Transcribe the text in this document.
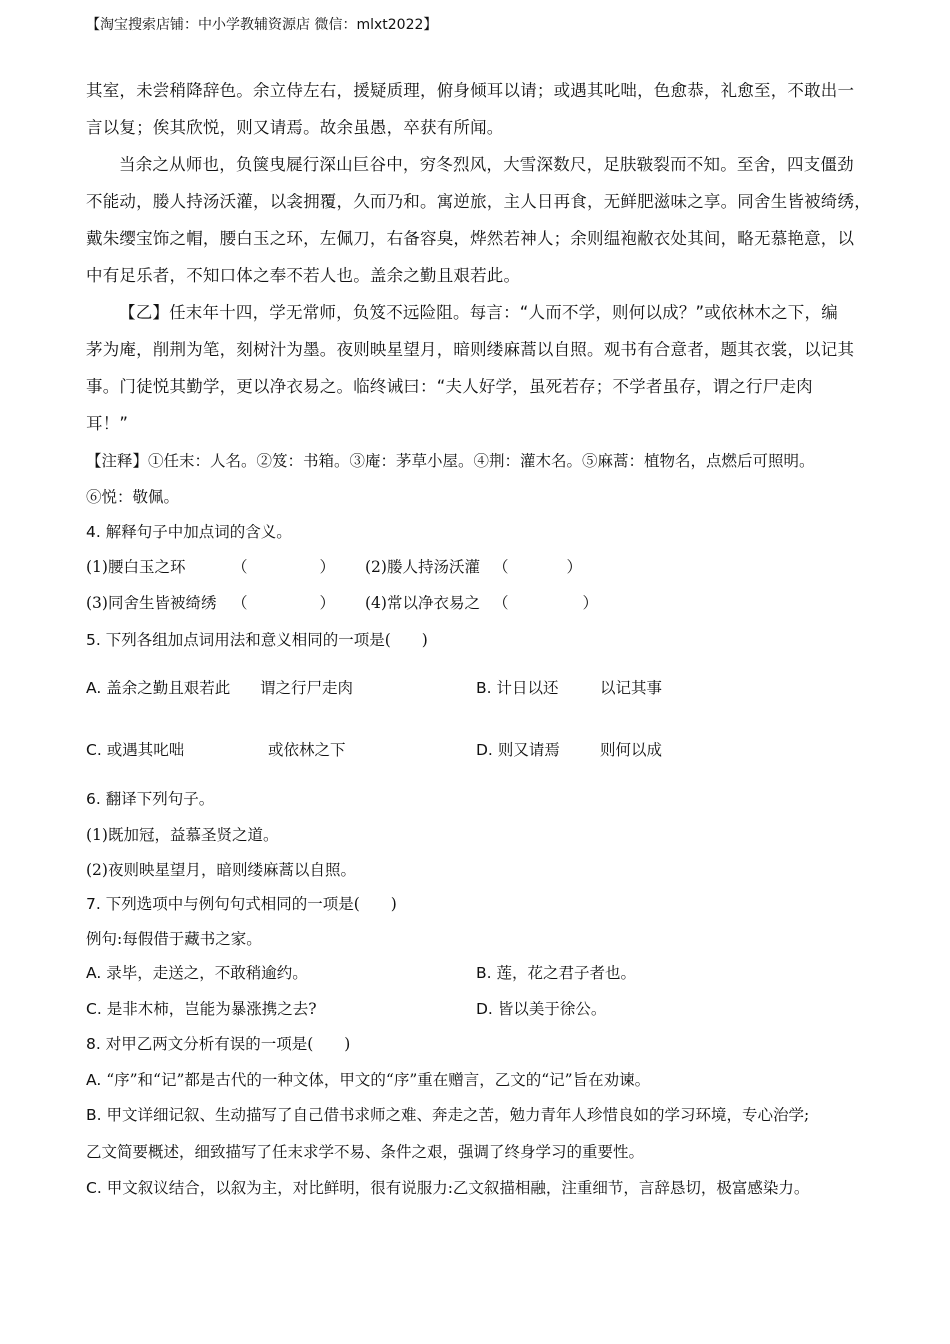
【淘宝搜索店铺：中小学教辅资源店 微信：mlxt2022】
其室，未尝稍降辞色。余立侍左右，援疑质理，俯身倾耳以请；或遇其叱咄，色愈恭，礼愈至，不敢出一
言以复；俟其欣悦，则又请焉。故余虽愚，卒获有所闻。
当余之从师也，负箧曳屣行深山巨谷中，穷冬烈风，大雪深数尺，足肤皲裂而不知。至舍，四支僵劲
不能动，媵人持汤沃灌，以衾拥覆，久而乃和。寓逆旅，主人日再食，无鲜肥滋味之享。同舍生皆被绮绣，
戴朱缨宝饰之帽，腰白玉之环，左佩刀，右备容臭，烨然若神人；余则缊袍敝衣处其间，略无慕艳意，以
中有足乐者，不知口体之奉不若人也。盖余之勤且艰若此。
【乙】任末年十四，学无常师，负笈不远险阻。每言：“人而不学，则何以成？”或依林木之下，编
茅为庵，削荆为笔，刻树汁为墨。夜则映星望月，暗则缕麻蒿以自照。观书有合意者，题其衣裳，以记其
事。门徒悦其勤学，更以净衣易之。临终诫曰：“夫人好学，虽死若存；不学者虽存，谓之行尸走肉
耳！”
【注释】①任末：人名。②笈：书箱。③庵：茅草小屋。④荆：灌木名。⑤麻蒿：植物名，点燃后可照明。
⑥悦：敬佩。
4. 解释句子中加点词的含义。
(1)腰白玉之环	（	） (2)媵人持汤沃灌 （	）
(3)同舍生皆被绮绣 （	） (4)常以净衣易之 （	）
5. 下列各组加点词用法和意义相同的一项是(　　)
A. 盖余之勤且艰若此 谓之行尸走肉	B. 计日以还	以记其事
C. 或遇其叱咄	或依林之下	D. 则又请焉	则何以成
6. 翻译下列句子。
(1)既加冠，益慕圣贤之道。
(2)夜则映星望月，暗则缕麻蒿以自照。
7. 下列选项中与例句句式相同的一项是(　　)
例句:每假借于藏书之家。
A. 录毕，走送之，不敢稍逾约。	B. 莲，花之君子者也。
C. 是非木柿，岂能为暴涨携之去?	D. 皆以美于徐公。
8. 对甲乙两文分析有误的一项是(　　)
A. “序”和“记”都是古代的一种文体，甲文的“序”重在赠言，乙文的“记”旨在劝谏。
B. 甲文详细记叙、生动描写了自己借书求师之难、奔走之苦，勉力青年人珍惜良如的学习环境，专心治学;
乙文简要概述，细致描写了任末求学不易、条件之艰，强调了终身学习的重要性。
C. 甲文叙议结合，以叙为主，对比鲜明，很有说服力:乙文叙描相融，注重细节，言辞恳切，极富感染力。
